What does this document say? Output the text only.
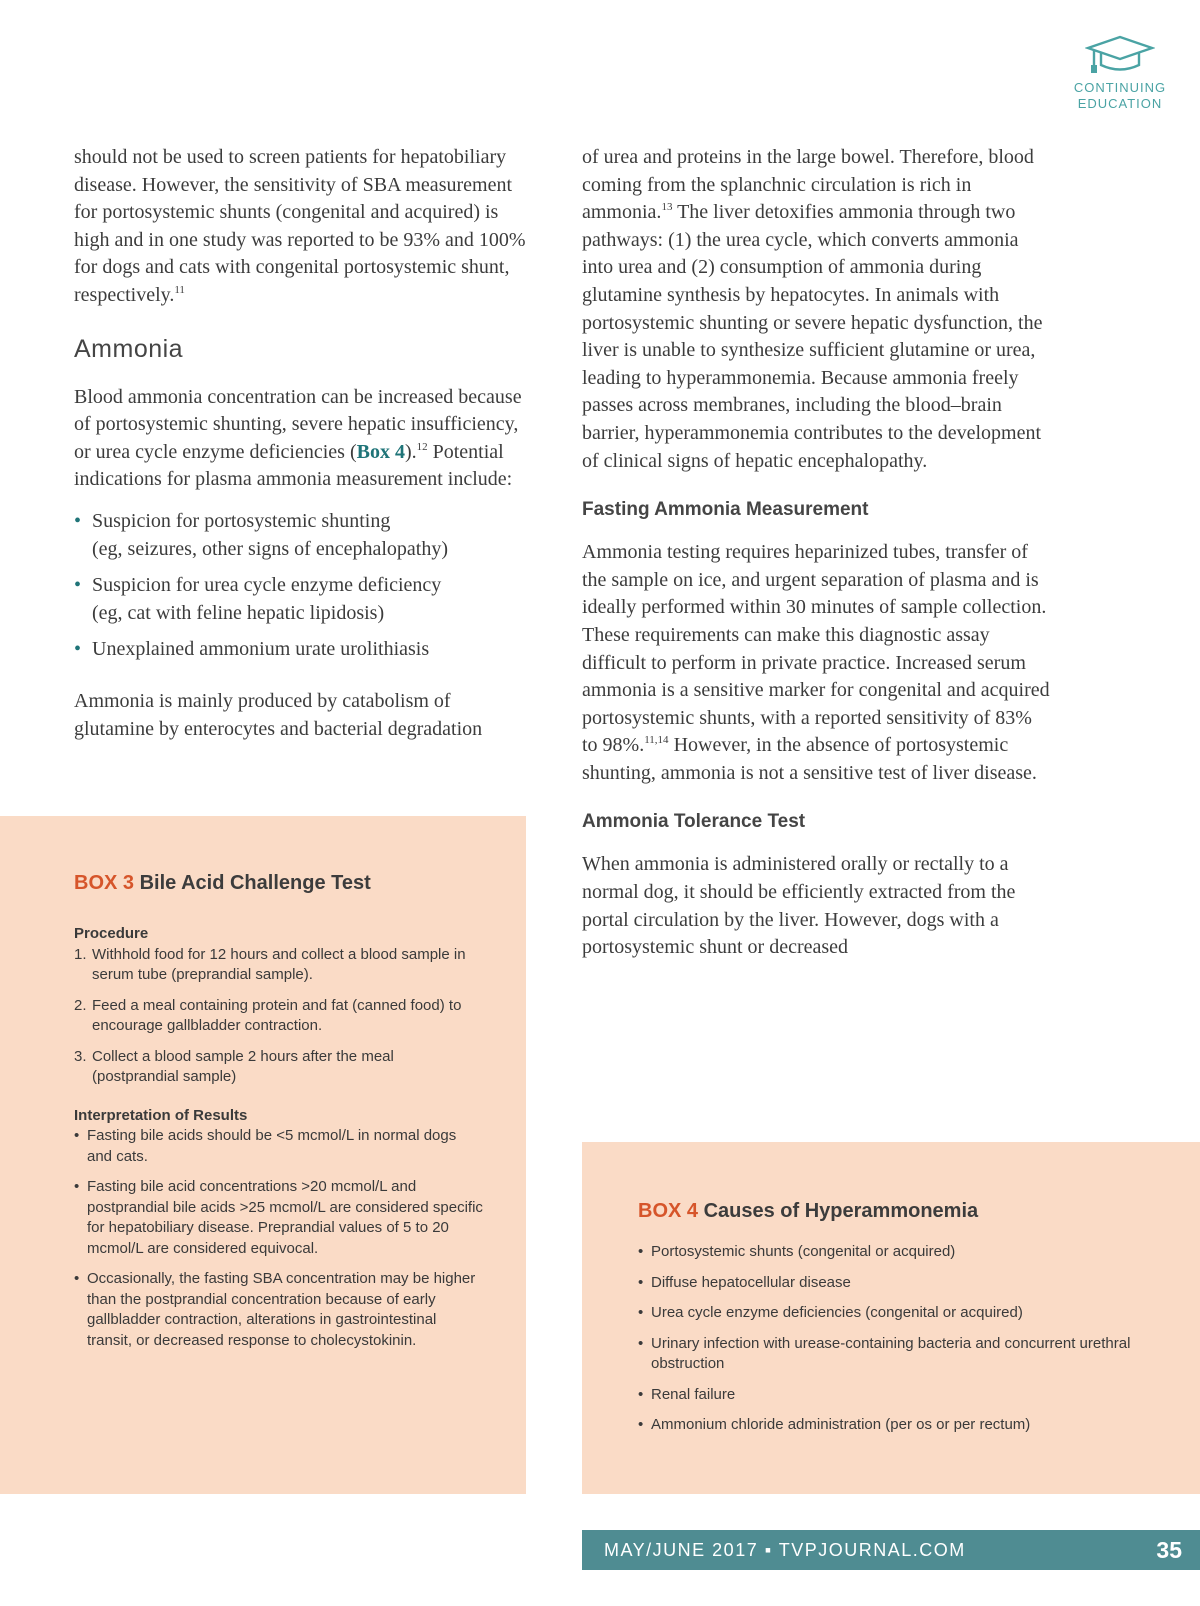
CONTINUING
EDUCATION

should not be used to screen patients for hepatobiliary disease. However, the sensitivity of SBA measurement for portosystemic shunts (congenital and acquired) is high and in one study was reported to be 93% and 100% for dogs and cats with congenital portosystemic shunt, respectively.$^{11}$

Ammonia

Blood ammonia concentration can be increased because of portosystemic shunting, severe hepatic insufficiency, or urea cycle enzyme deficiencies (Box 4).$^{12}$ Potential indications for plasma ammonia measurement include:

• Suspicion for portosystemic shunting
(eg, seizures, other signs of encephalopathy)
• Suspicion for urea cycle enzyme deficiency
(eg, cat with feline hepatic lipidosis)
• Unexplained ammonium urate urolithiasis

Ammonia is mainly produced by catabolism of glutamine by enterocytes and bacterial degradation

of urea and proteins in the large bowel. Therefore, blood coming from the splanchnic circulation is rich in ammonia.$^{13}$ The liver detoxifies ammonia through two pathways: (1) the urea cycle, which converts ammonia into urea and (2) consumption of ammonia during glutamine synthesis by hepatocytes. In animals with portosystemic shunting or severe hepatic dysfunction, the liver is unable to synthesize sufficient glutamine or urea, leading to hyperammonemia. Because ammonia freely passes across membranes, including the blood–brain barrier, hyperammonemia contributes to the development of clinical signs of hepatic encephalopathy.

Fasting Ammonia Measurement

Ammonia testing requires heparinized tubes, transfer of the sample on ice, and urgent separation of plasma and is ideally performed within 30 minutes of sample collection. These requirements can make this diagnostic assay difficult to perform in private practice. Increased serum ammonia is a sensitive marker for congenital and acquired portosystemic shunts, with a reported sensitivity of 83% to 98%.$^{11,14}$ However, in the absence of portosystemic shunting, ammonia is not a sensitive test of liver disease.

Ammonia Tolerance Test

When ammonia is administered orally or rectally to a normal dog, it should be efficiently extracted from the portal circulation by the liver. However, dogs with a portosystemic shunt or decreased

BOX 3 Bile Acid Challenge Test

Procedure

1. Withhold food for 12 hours and collect a blood sample in serum tube (preprandial sample).
2. Feed a meal containing protein and fat (canned food) to encourage gallbladder contraction.
3. Collect a blood sample 2 hours after the meal (postprandial sample)

Interpretation of Results

• Fasting bile acids should be <5 mcmol/L in normal dogs and cats.
• Fasting bile acid concentrations >20 mcmol/L and postprandial bile acids >25 mcmol/L are considered specific for hepatobiliary disease. Preprandial values of 5 to 20 mcmol/L are considered equivocal.
• Occasionally, the fasting SBA concentration may be higher than the postprandial concentration because of early gallbladder contraction, alterations in gastrointestinal transit, or decreased response to cholecystokinin.
BOX 4 Causes of Hyperammonemia
• Portosystemic shunts (congenital or acquired)
• Diffuse hepatocellular disease
• Urea cycle enzyme deficiencies (congenital or acquired)
• Urinary infection with urease-containing bacteria and concurrent urethral obstruction
• Renal failure
• Ammonium chloride administration (per os or per rectum)
MAY/JUNE 2017 ▪ TVPJOURNAL.COM	35
